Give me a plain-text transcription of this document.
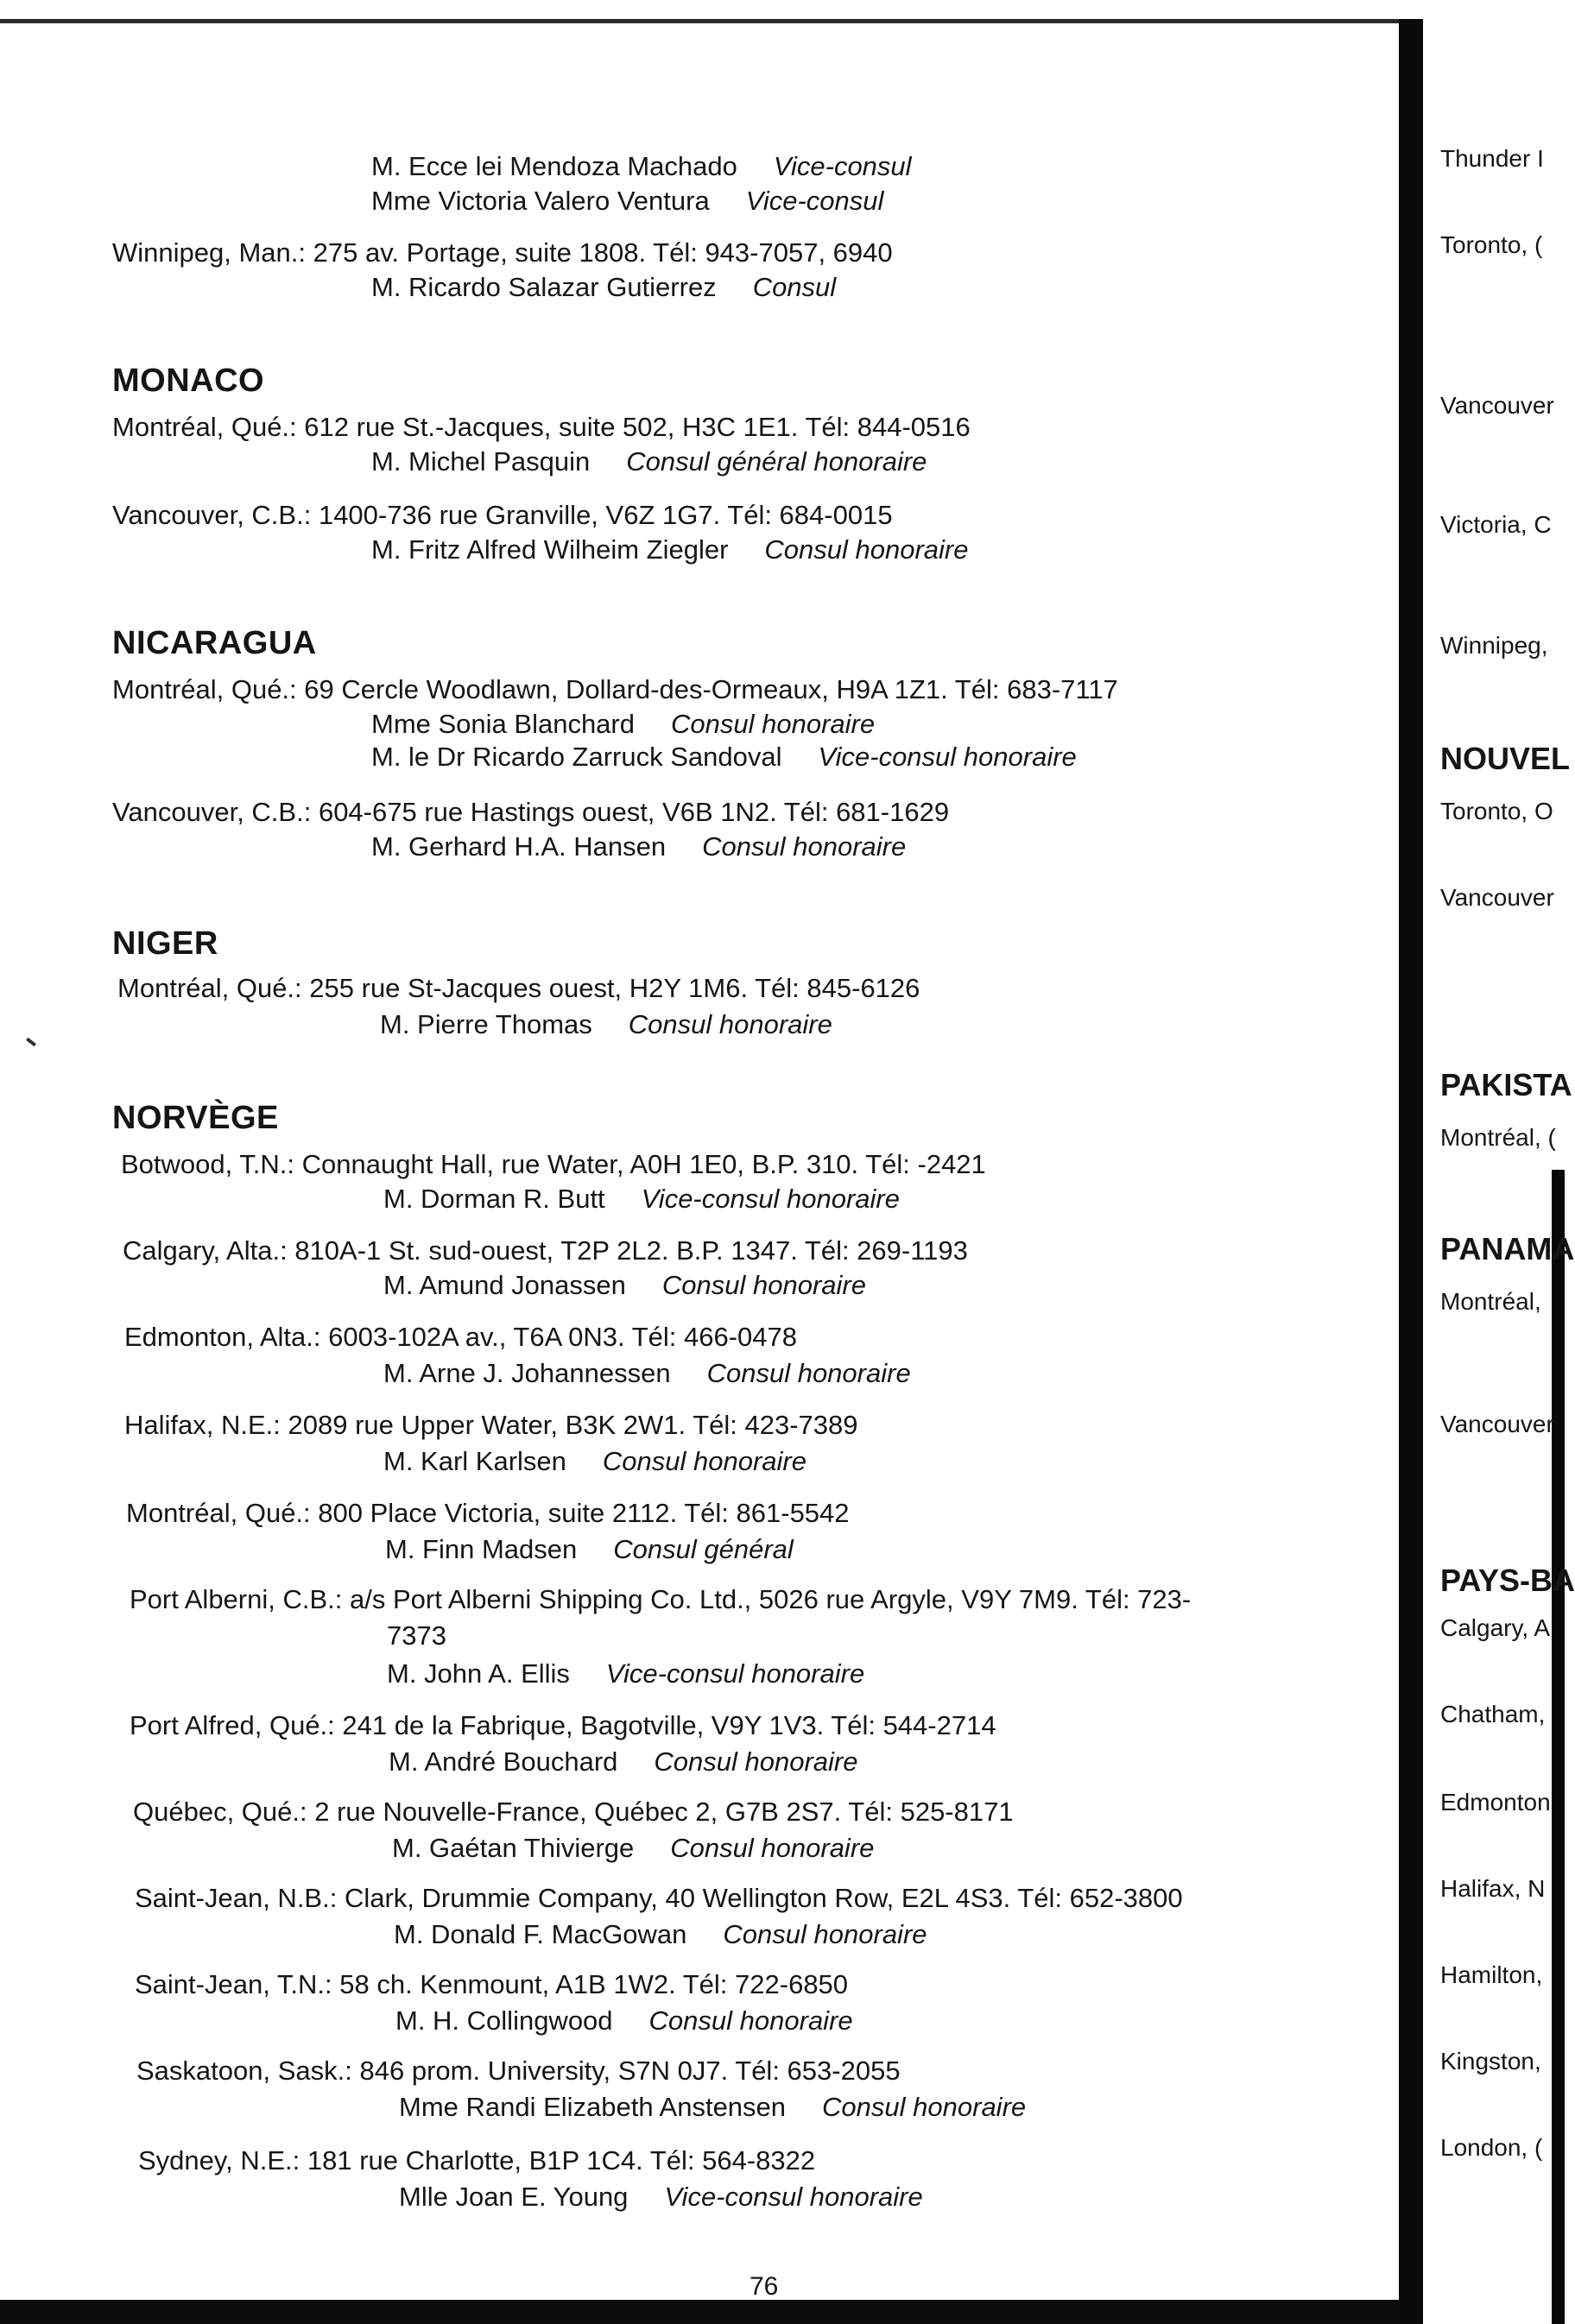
M. Ecce lei Mendoza Machado Vice-consul
Mme Victoria Valero Ventura Vice-consul
Winnipeg, Man.: 275 av. Portage, suite 1808. Tél: 943-7057, 6940
M. Ricardo Salazar Gutierrez Consul
MONACO
Montréal, Qué.: 612 rue St.-Jacques, suite 502, H3C 1E1. Tél: 844-0516
M. Michel Pasquin Consul général honoraire
Vancouver, C.B.: 1400-736 rue Granville, V6Z 1G7. Tél: 684-0015
M. Fritz Alfred Wilheim Ziegler Consul honoraire
NICARAGUA
Montréal, Qué.: 69 Cercle Woodlawn, Dollard-des-Ormeaux, H9A 1Z1. Tél: 683-7117
Mme Sonia Blanchard Consul honoraire
M. le Dr Ricardo Zarruck Sandoval Vice-consul honoraire
Vancouver, C.B.: 604-675 rue Hastings ouest, V6B 1N2. Tél: 681-1629
M. Gerhard H.A. Hansen Consul honoraire
NIGER
Montréal, Qué.: 255 rue St-Jacques ouest, H2Y 1M6. Tél: 845-6126
M. Pierre Thomas Consul honoraire
NORVÈGE
Botwood, T.N.: Connaught Hall, rue Water, A0H 1E0, B.P. 310. Tél: -2421
M. Dorman R. Butt Vice-consul honoraire
Calgary, Alta.: 810A-1 St. sud-ouest, T2P 2L2. B.P. 1347. Tél: 269-1193
M. Amund Jonassen Consul honoraire
Edmonton, Alta.: 6003-102A av., T6A 0N3. Tél: 466-0478
M. Arne J. Johannessen Consul honoraire
Halifax, N.E.: 2089 rue Upper Water, B3K 2W1. Tél: 423-7389
M. Karl Karlsen Consul honoraire
Montréal, Qué.: 800 Place Victoria, suite 2112. Tél: 861-5542
M. Finn Madsen Consul général
Port Alberni, C.B.: a/s Port Alberni Shipping Co. Ltd., 5026 rue Argyle, V9Y 7M9. Tél: 723-
7373
M. John A. Ellis Vice-consul honoraire
Port Alfred, Qué.: 241 de la Fabrique, Bagotville, V9Y 1V3. Tél: 544-2714
M. André Bouchard Consul honoraire
Québec, Qué.: 2 rue Nouvelle-France, Québec 2, G7B 2S7. Tél: 525-8171
M. Gaétan Thivierge Consul honoraire
Saint-Jean, N.B.: Clark, Drummie Company, 40 Wellington Row, E2L 4S3. Tél: 652-3800
M. Donald F. MacGowan Consul honoraire
Saint-Jean, T.N.: 58 ch. Kenmount, A1B 1W2. Tél: 722-6850
M. H. Collingwood Consul honoraire
Saskatoon, Sask.: 846 prom. University, S7N 0J7. Tél: 653-2055
Mme Randi Elizabeth Anstensen Consul honoraire
Sydney, N.E.: 181 rue Charlotte, B1P 1C4. Tél: 564-8322
Mlle Joan E. Young Vice-consul honoraire
76
Thunder I
Toronto, (
Vancouver
Victoria, C
Winnipeg,
NOUVEL
Toronto, O
Vancouver
PAKISTA
Montréal, (
PANAMA
Montréal,
Vancouver
PAYS-BA
Calgary, A
Chatham,
Edmonton
Halifax, N
Hamilton,
Kingston,
London, (
